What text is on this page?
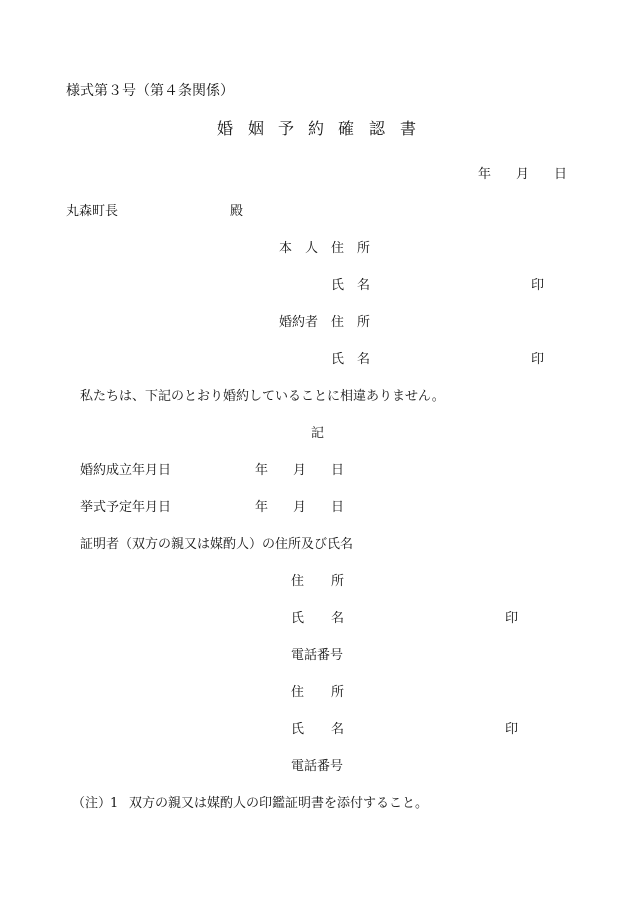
様式第３号（第４条関係）
婚 姻 予 約 確 認 書
年 月 日
丸森町長	殿
本 人 住 所
氏 名	印
婚約者 住 所
氏 名	印
私たちは、下記のとおり婚約していることに相違ありません。
記
婚約成立年月日	年 月 日
挙式予定年月日	年 月 日
証明者（双方の親又は媒酌人）の住所及び氏名
住 所
氏 名	印
電話番号
住 所
氏 名	印
電話番号
（注）
1 双方の親又は媒酌人の印鑑証明書を添付すること。
